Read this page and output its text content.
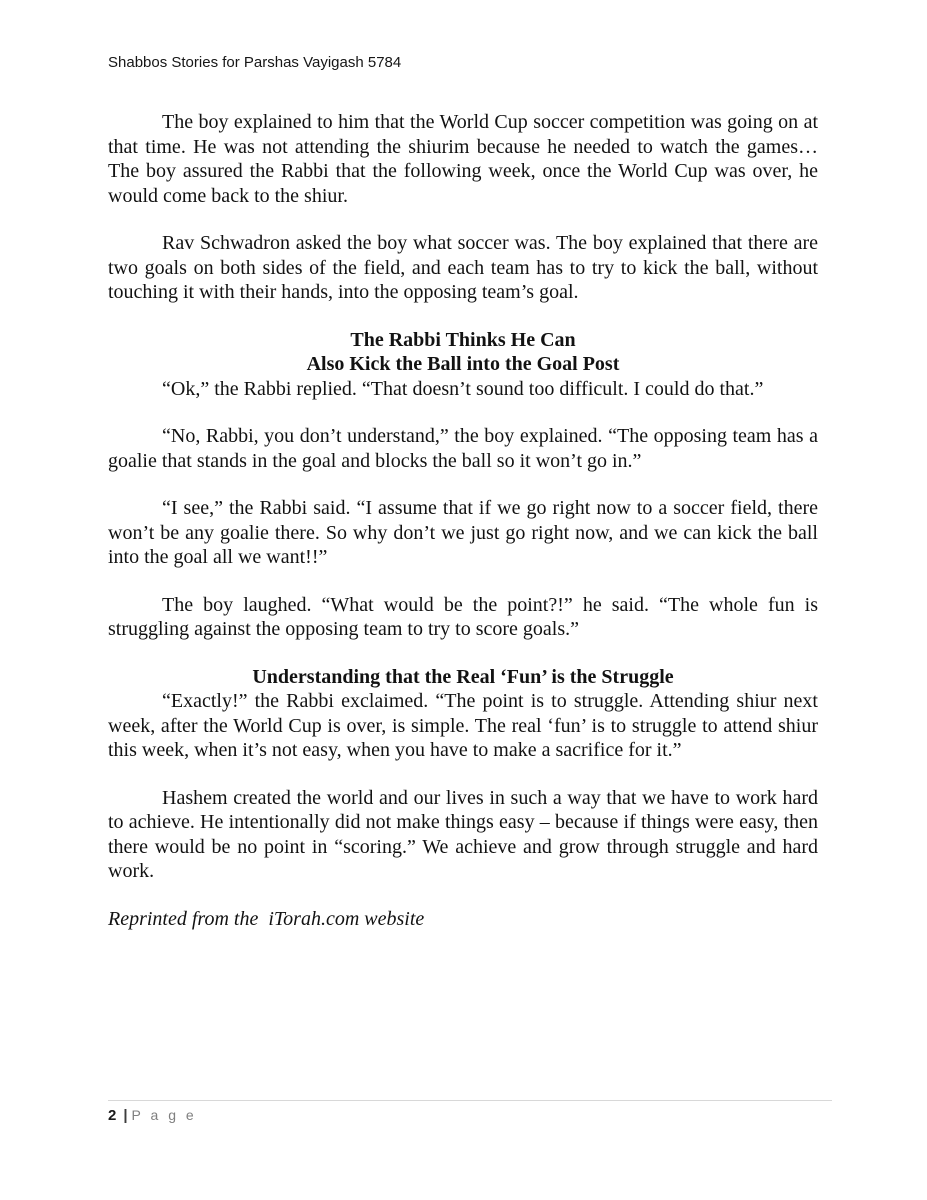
Shabbos Stories for Parshas Vayigash 5784

The boy explained to him that the World Cup soccer competition was going on at that time. He was not attending the shiurim because he needed to watch the games… The boy assured the Rabbi that the following week, once the World Cup was over, he would come back to the shiur.

Rav Schwadron asked the boy what soccer was. The boy explained that there are two goals on both sides of the field, and each team has to try to kick the ball, without touching it with their hands, into the opposing team’s goal.

The Rabbi Thinks He Can
Also Kick the Ball into the Goal Post

“Ok,” the Rabbi replied. “That doesn’t sound too difficult. I could do that.”

“No, Rabbi, you don’t understand,” the boy explained. “The opposing team has a goalie that stands in the goal and blocks the ball so it won’t go in.”

“I see,” the Rabbi said. “I assume that if we go right now to a soccer field, there won’t be any goalie there. So why don’t we just go right now, and we can kick the ball into the goal all we want!!”

The boy laughed. “What would be the point?!” he said. “The whole fun is struggling against the opposing team to try to score goals.”

Understanding that the Real ‘Fun’ is the Struggle

“Exactly!” the Rabbi exclaimed. “The point is to struggle. Attending shiur next week, after the World Cup is over, is simple. The real ‘fun’ is to struggle to attend shiur this week, when it’s not easy, when you have to make a sacrifice for it.”

Hashem created the world and our lives in such a way that we have to work hard to achieve. He intentionally did not make things easy – because if things were easy, then there would be no point in “scoring.” We achieve and grow through struggle and hard work.

Reprinted from the  iTorah.com website

2 | P a g e
